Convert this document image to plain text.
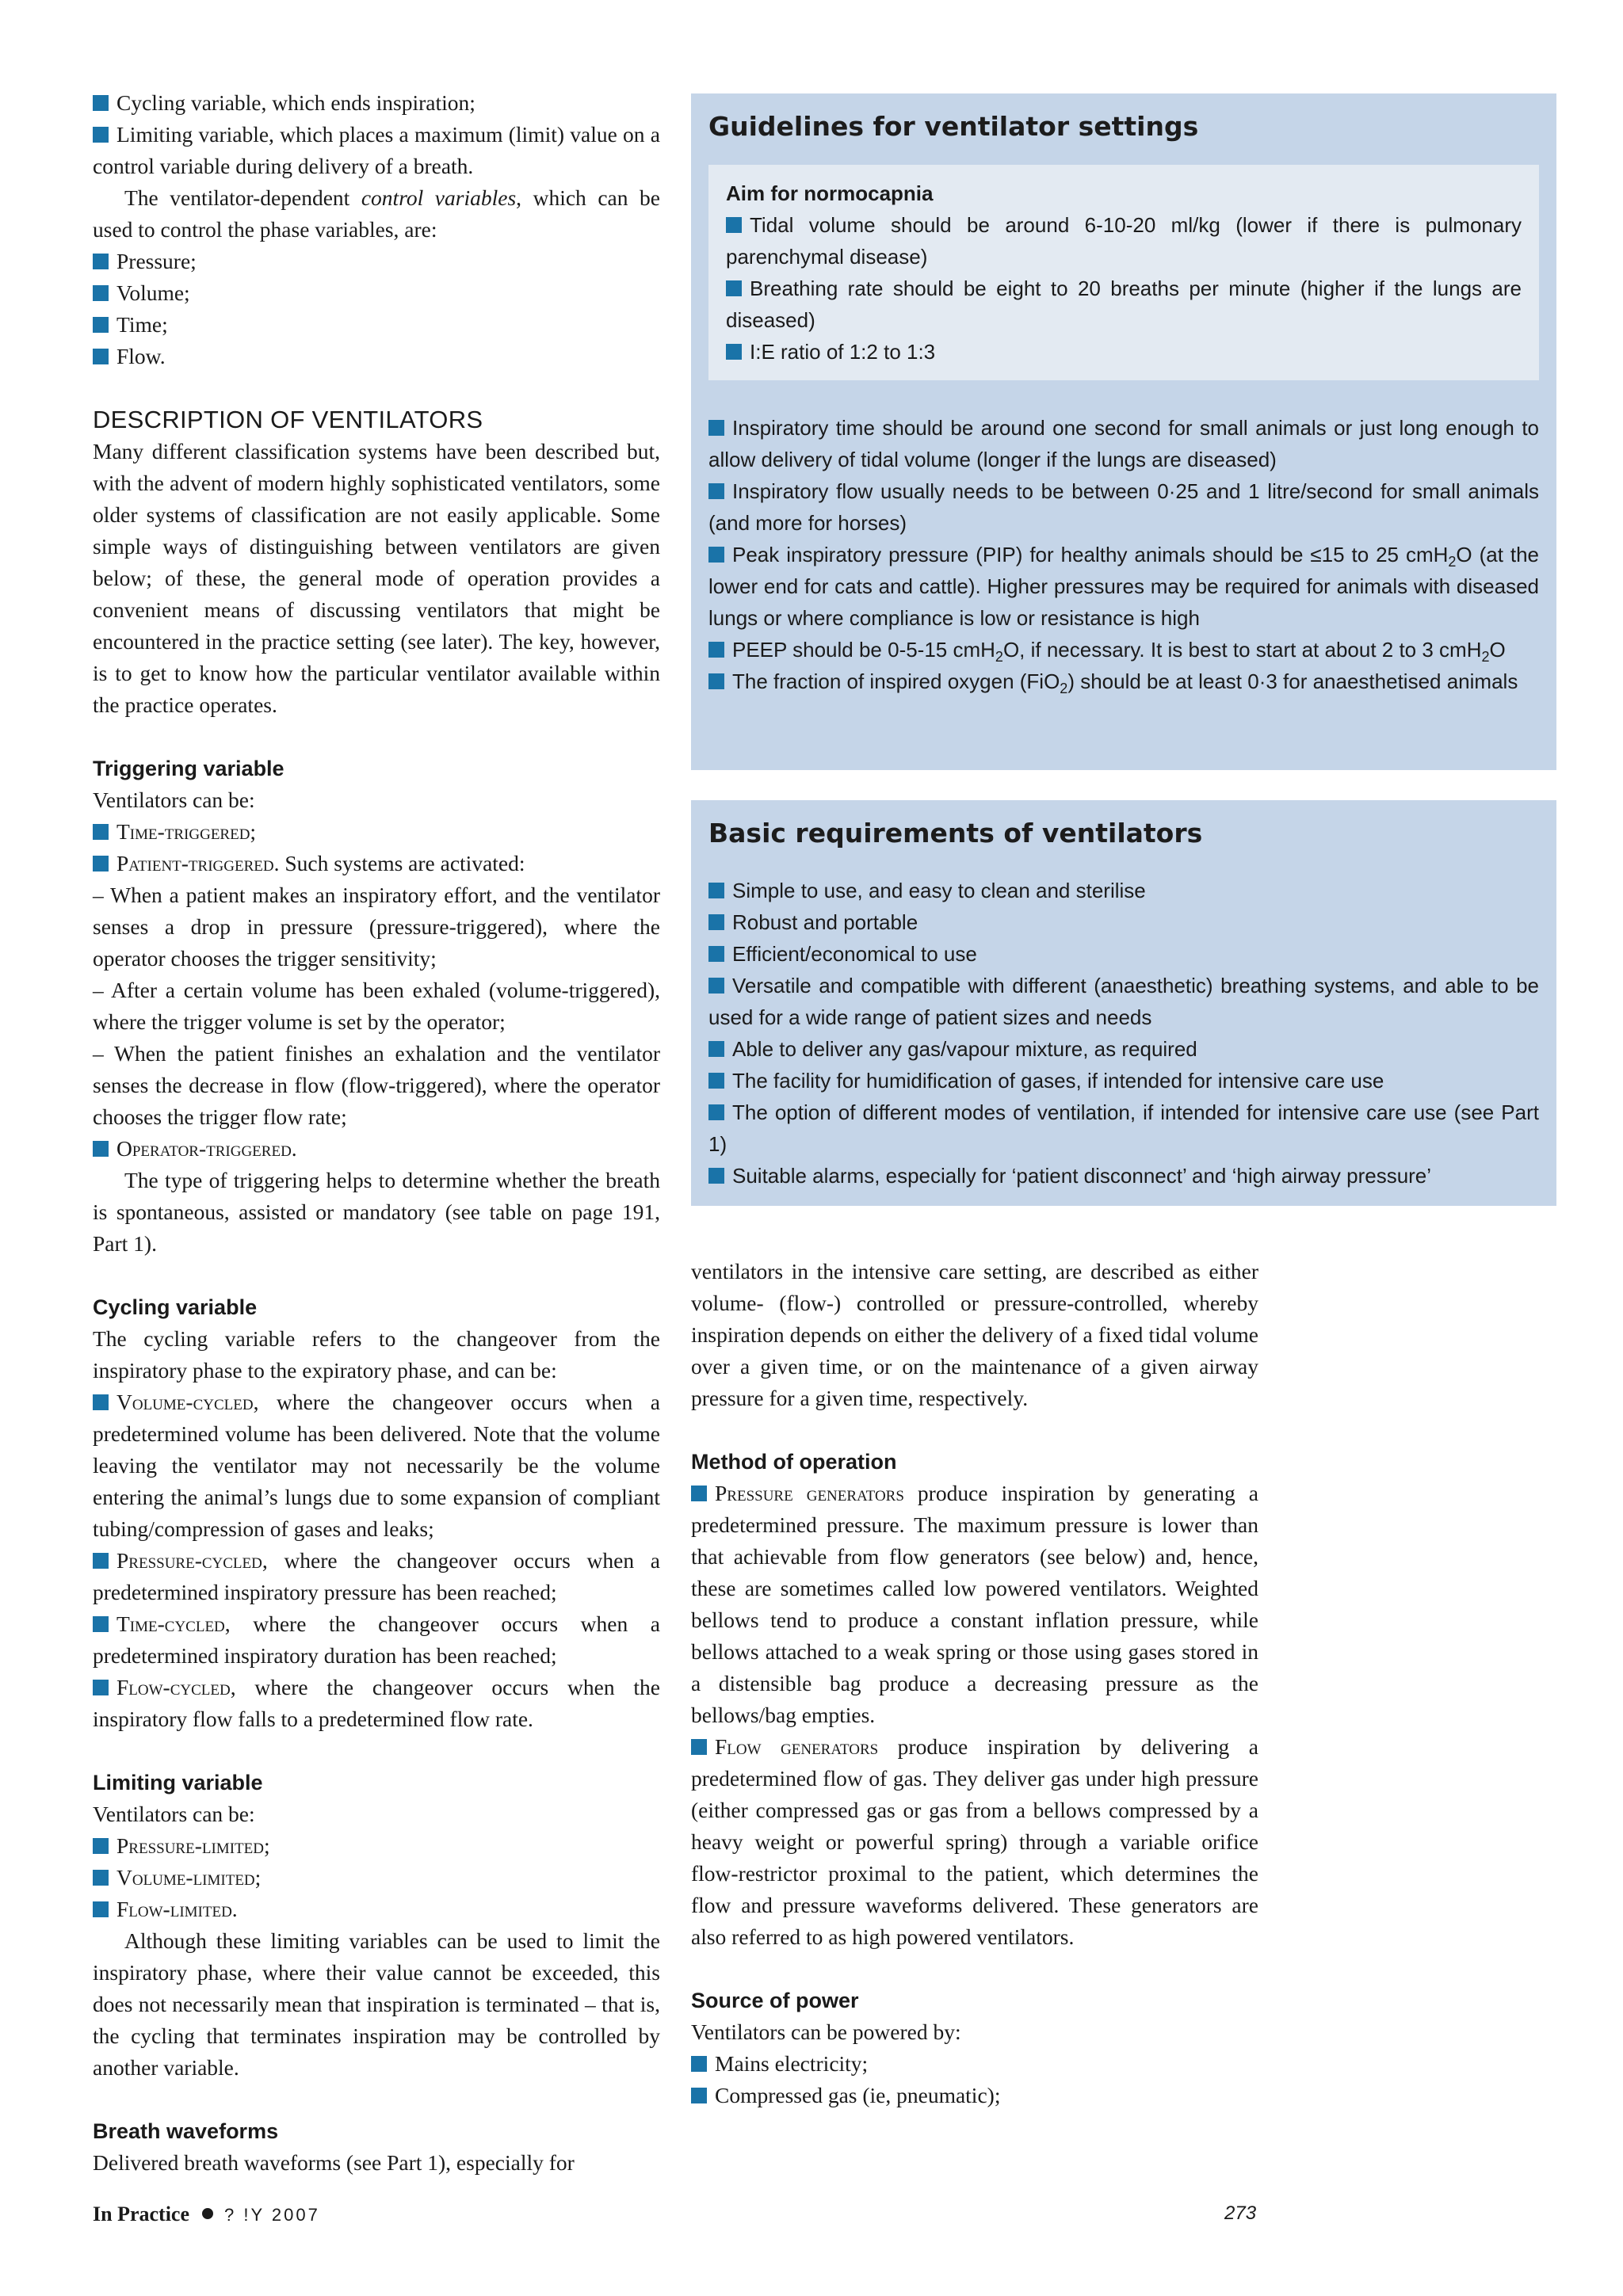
Cycling variable, which ends inspiration;

Limiting variable, which places a maximum (limit) value on a control variable during delivery of a breath.

The ventilator-dependent control variables, which can be used to control the phase variables, are:

Pressure;

Volume;

Time;

Flow.

DESCRIPTION OF VENTILATORS

Many different classification systems have been described but, with the advent of modern highly sophisticated ventilators, some older systems of classification are not easily applicable. Some simple ways of distinguishing between ventilators are given below; of these, the general mode of operation provides a convenient means of discussing ventilators that might be encountered in the practice setting (see later). The key, however, is to get to know how the particular ventilator available within the practice operates.

Triggering variable

Ventilators can be:

Time-triggered;

Patient-triggered. Such systems are activated:

– When a patient makes an inspiratory effort, and the ventilator senses a drop in pressure (pressure-triggered), where the operator chooses the trigger sensitivity;

– After a certain volume has been exhaled (volume-triggered), where the trigger volume is set by the operator;

– When the patient finishes an exhalation and the ventilator senses the decrease in flow (flow-triggered), where the operator chooses the trigger flow rate;

Operator-triggered.

The type of triggering helps to determine whether the breath is spontaneous, assisted or mandatory (see table on page 191, Part 1).

Cycling variable

The cycling variable refers to the changeover from the inspiratory phase to the expiratory phase, and can be:

Volume-cycled, where the changeover occurs when a predetermined volume has been delivered. Note that the volume leaving the ventilator may not necessarily be the volume entering the animal’s lungs due to some expansion of compliant tubing/compression of gases and leaks;

Pressure-cycled, where the changeover occurs when a predetermined inspiratory pressure has been reached;

Time-cycled, where the changeover occurs when a predetermined inspiratory duration has been reached;

Flow-cycled, where the changeover occurs when the inspiratory flow falls to a predetermined flow rate.

Limiting variable

Ventilators can be:

Pressure-limited;

Volume-limited;

Flow-limited.

Although these limiting variables can be used to limit the inspiratory phase, where their value cannot be exceeded, this does not necessarily mean that inspiration is terminated – that is, the cycling that terminates inspiration may be controlled by another variable.

Breath waveforms

Delivered breath waveforms (see Part 1), especially for

Guidelines for ventilator settings

Aim for normocapnia

Tidal volume should be around 6-10-20 ml/kg (lower if there is pulmonary parenchymal disease)

Breathing rate should be eight to 20 breaths per minute (higher if the lungs are diseased)

I:E ratio of 1:2 to 1:3

Inspiratory time should be around one second for small animals or just long enough to allow delivery of tidal volume (longer if the lungs are diseased)

Inspiratory flow usually needs to be between 0·25 and 1 litre/second for small animals (and more for horses)

Peak inspiratory pressure (PIP) for healthy animals should be ≤15 to 25 cmH$_2$O (at the lower end for cats and cattle). Higher pressures may be required for animals with diseased lungs or where compliance is low or resistance is high

PEEP should be 0-5-15 cmH$_2$O, if necessary. It is best to start at about 2 to 3 cmH$_2$O

The fraction of inspired oxygen (FiO$_2$) should be at least 0·3 for anaesthetised animals

Basic requirements of ventilators

Simple to use, and easy to clean and sterilise

Robust and portable

Efficient/economical to use

Versatile and compatible with different (anaesthetic) breathing systems, and able to be used for a wide range of patient sizes and needs

Able to deliver any gas/vapour mixture, as required

The facility for humidification of gases, if intended for intensive care use

The option of different modes of ventilation, if intended for intensive care use (see Part 1)

Suitable alarms, especially for ‘patient disconnect’ and ‘high airway pressure’

ventilators in the intensive care setting, are described as either volume- (flow-) controlled or pressure-controlled, whereby inspiration depends on either the delivery of a fixed tidal volume over a given time, or on the maintenance of a given airway pressure for a given time, respectively.

Method of operation

Pressure generators produce inspiration by generating a predetermined pressure. The maximum pressure is lower than that achievable from flow generators (see below) and, hence, these are sometimes called low powered ventilators. Weighted bellows tend to produce a constant inflation pressure, while bellows attached to a weak spring or those using gases stored in a distensible bag produce a decreasing pressure as the bellows/bag empties.

Flow generators produce inspiration by delivering a predetermined flow of gas. They deliver gas under high pressure (either compressed gas or gas from a bellows compressed by a heavy weight or powerful spring) through a variable orifice flow-restrictor proximal to the patient, which determines the flow and pressure waveforms delivered. These generators are also referred to as high powered ventilators.

Source of power

Ventilators can be powered by:

Mains electricity;

Compressed gas (ie, pneumatic);

In Practice ? !Y 2007	273
